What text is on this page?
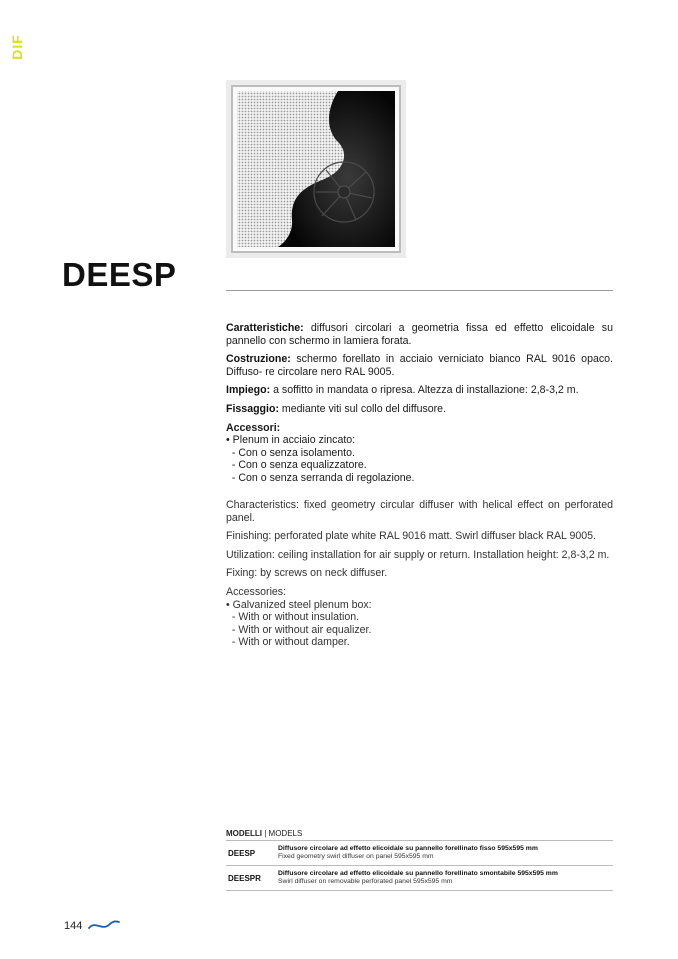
DIF
DEESP

Caratteristiche: diffusori circolari a geometria fissa ed effetto elicoidale su pannello con schermo in lamiera forata.

Costruzione: schermo forellato in acciaio verniciato bianco RAL 9016 opaco. Diffuso- re circolare nero RAL 9005.

Impiego: a soffitto in mandata o ripresa. Altezza di installazione: 2,8-3,2 m.

Fissaggio: mediante viti sul collo del diffusore.

Accessori:

• Plenum in acciaio zincato:

- Con o senza isolamento.

- Con o senza equalizzatore.

- Con o senza serranda di regolazione.

Characteristics: fixed geometry circular diffuser with helical effect on perforated panel.

Finishing: perforated plate white RAL 9016 matt. Swirl diffuser black RAL 9005.

Utilization: ceiling installation for air supply or return. Installation height: 2,8-3,2 m.

Fixing: by screws on neck diffuser.

Accessories:

• Galvanized steel plenum box:

- With or without insulation.

- With or without air equalizer.

- With or without damper.

MODELLI | MODELS
DEESP
Diffusore circolare ad effetto elicoidale su pannello forellinato fisso 595x595 mm
Fixed geometry swirl diffuser on panel 595x595 mm
DEESPR
Diffusore circolare ad effetto elicoidale su pannello forellinato smontabile 595x595 mm
Swirl diffuser on removable perforated panel 595x595 mm
144
